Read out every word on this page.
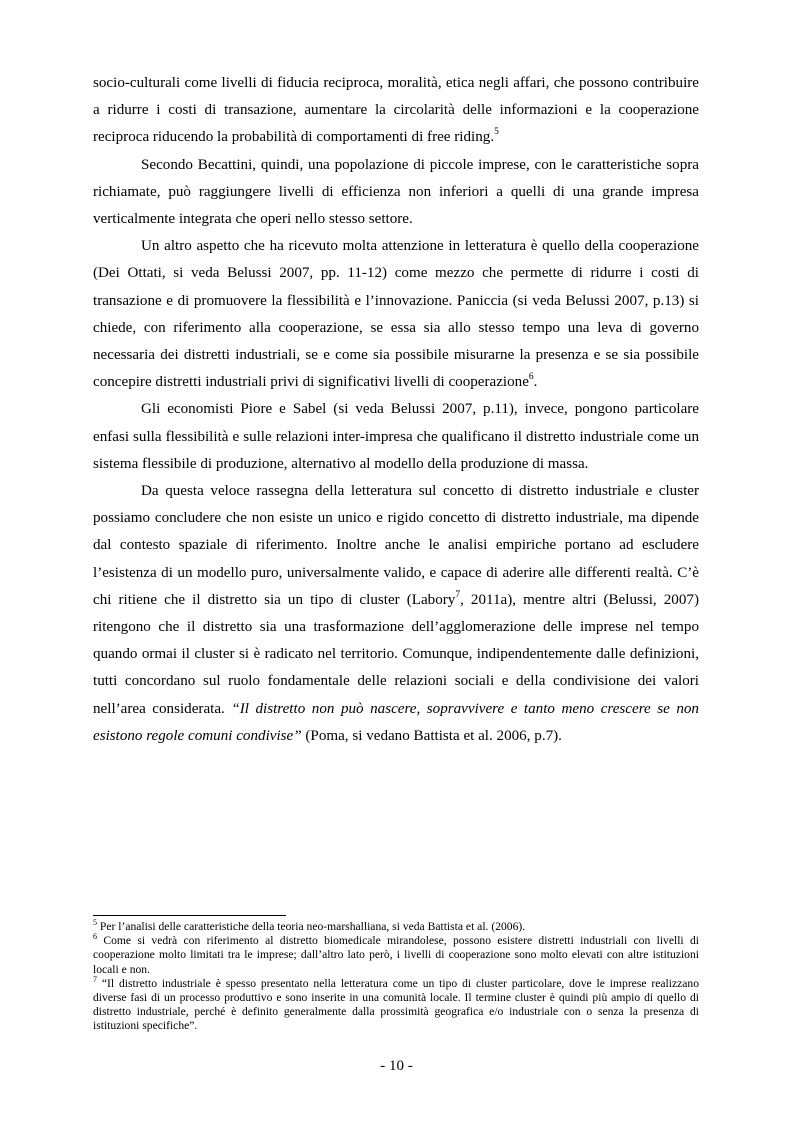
socio-culturali come livelli di fiducia reciproca, moralità, etica negli affari, che possono contribuire a ridurre i costi di transazione, aumentare la circolarità delle informazioni e la cooperazione reciproca riducendo la probabilità di comportamenti di free riding.$^5$

Secondo Becattini, quindi, una popolazione di piccole imprese, con le caratteristiche sopra richiamate, può raggiungere livelli di efficienza non inferiori a quelli di una grande impresa verticalmente integrata che operi nello stesso settore.

Un altro aspetto che ha ricevuto molta attenzione in letteratura è quello della cooperazione (Dei Ottati, si veda Belussi 2007, pp. 11-12) come mezzo che permette di ridurre i costi di transazione e di promuovere la flessibilità e l’innovazione. Paniccia (si veda Belussi 2007, p.13) si chiede, con riferimento alla cooperazione, se essa sia allo stesso tempo una leva di governo necessaria dei distretti industriali, se e come sia possibile misurarne la presenza e se sia possibile concepire distretti industriali privi di significativi livelli di cooperazione$^6$.

Gli economisti Piore e Sabel (si veda Belussi 2007, p.11), invece, pongono particolare enfasi sulla flessibilità e sulle relazioni inter-impresa che qualificano il distretto industriale come un sistema flessibile di produzione, alternativo al modello della produzione di massa.

Da questa veloce rassegna della letteratura sul concetto di distretto industriale e cluster possiamo concludere che non esiste un unico e rigido concetto di distretto industriale, ma dipende dal contesto spaziale di riferimento. Inoltre anche le analisi empiriche portano ad escludere l’esistenza di un modello puro, universalmente valido, e capace di aderire alle differenti realtà. C’è chi ritiene che il distretto sia un tipo di cluster (Labory$^7$, 2011a), mentre altri (Belussi, 2007) ritengono che il distretto sia una trasformazione dell’agglomerazione delle imprese nel tempo quando ormai il cluster si è radicato nel territorio. Comunque, indipendentemente dalle definizioni, tutti concordano sul ruolo fondamentale delle relazioni sociali e della condivisione dei valori nell’area considerata. “Il distretto non può nascere, sopravvivere e tanto meno crescere se non esistono regole comuni condivise” (Poma, si vedano Battista et al. 2006, p.7).

$^5$ Per l’analisi delle caratteristiche della teoria neo-marshalliana, si veda Battista et al. (2006).

$^6$ Come si vedrà con riferimento al distretto biomedicale mirandolese, possono esistere distretti industriali con livelli di cooperazione molto limitati tra le imprese; dall’altro lato però, i livelli di cooperazione sono molto elevati con altre istituzioni locali e non.

$^7$ “Il distretto industriale è spesso presentato nella letteratura come un tipo di cluster particolare, dove le imprese realizzano diverse fasi di un processo produttivo e sono inserite in una comunità locale. Il termine cluster è quindi più ampio di quello di distretto industriale, perché è definito generalmente dalla prossimità geografica e/o industriale con o senza la presenza di istituzioni specifiche”.

- 10 -
